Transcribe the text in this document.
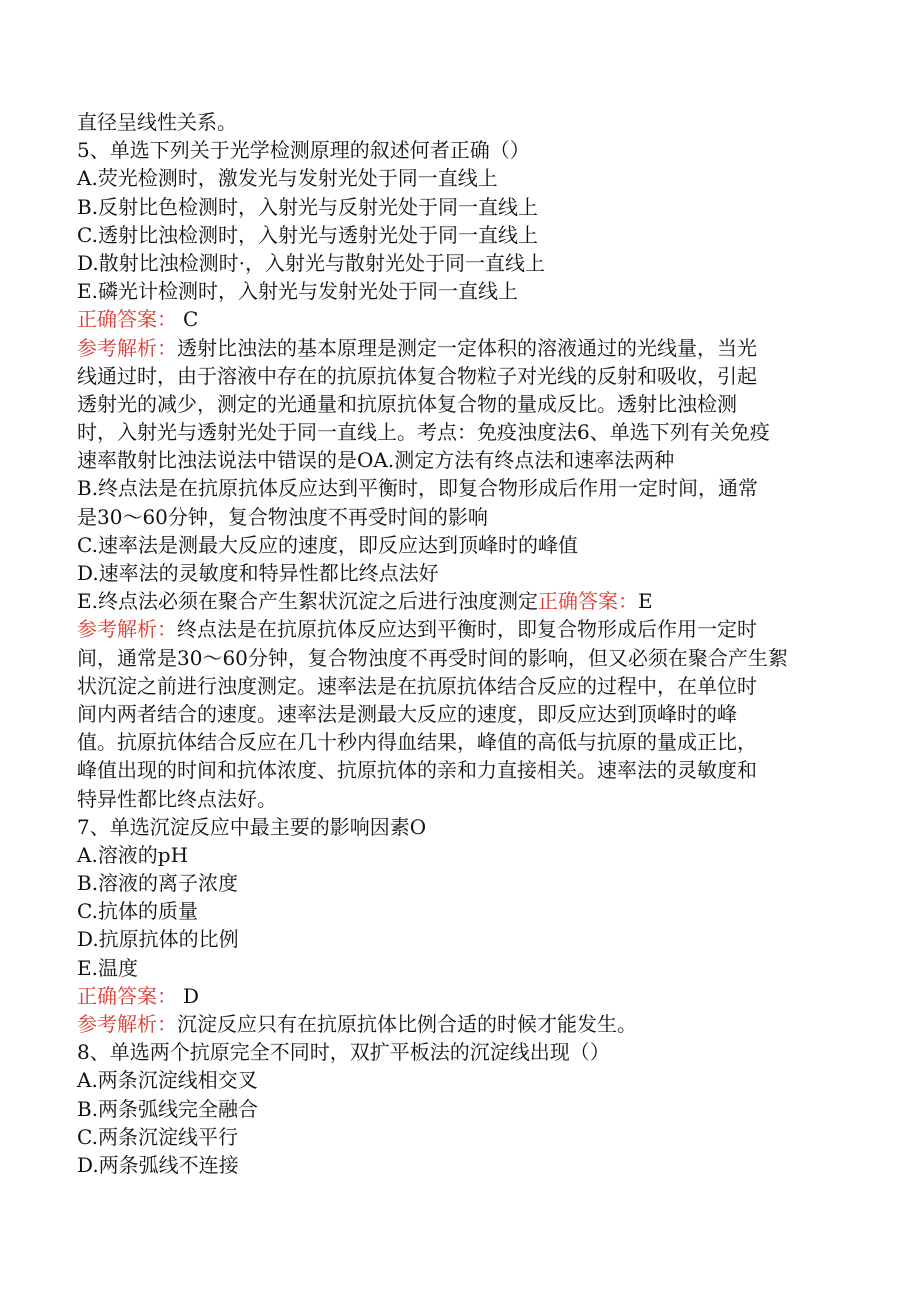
直径呈线性关系。
5、单选下列关于光学检测原理的叙述何者正确（）
A.荧光检测时，激发光与发射光处于同一直线上
B.反射比色检测时，入射光与反射光处于同一直线上
C.透射比浊检测时，入射光与透射光处于同一直线上
D.散射比浊检测时·，入射光与散射光处于同一直线上
E.磷光计检测时，入射光与发射光处于同一直线上
正确答案： C
参考解析：透射比浊法的基本原理是测定一定体积的溶液通过的光线量，当光
线通过时，由于溶液中存在的抗原抗体复合物粒子对光线的反射和吸收，引起
透射光的减少，测定的光通量和抗原抗体复合物的量成反比。透射比浊检测
时，入射光与透射光处于同一直线上。考点：免疫浊度法6、单选下列有关免疫
速率散射比浊法说法中错误的是OA.测定方法有终点法和速率法两种
B.终点法是在抗原抗体反应达到平衡时，即复合物形成后作用一定时间，通常
是30～60分钟，复合物浊度不再受时间的影响
C.速率法是测最大反应的速度，即反应达到顶峰时的峰值
D.速率法的灵敏度和特异性都比终点法好
E.终点法必须在聚合产生絮状沉淀之后进行浊度测定正确答案：E
参考解析：终点法是在抗原抗体反应达到平衡时，即复合物形成后作用一定时
间，通常是30～60分钟，复合物浊度不再受时间的影响，但又必须在聚合产生絮
状沉淀之前进行浊度测定。速率法是在抗原抗体结合反应的过程中，在单位时
间内两者结合的速度。速率法是测最大反应的速度，即反应达到顶峰时的峰
值。抗原抗体结合反应在几十秒内得血结果，峰值的高低与抗原的量成正比，
峰值出现的时间和抗体浓度、抗原抗体的亲和力直接相关。速率法的灵敏度和
特异性都比终点法好。
7、单选沉淀反应中最主要的影响因素O
A.溶液的pH
B.溶液的离子浓度
C.抗体的质量
D.抗原抗体的比例
E.温度
正确答案： D
参考解析：沉淀反应只有在抗原抗体比例合适的时候才能发生。
8、单选两个抗原完全不同时，双扩平板法的沉淀线出现（）
A.两条沉淀线相交叉
B.两条弧线完全融合
C.两条沉淀线平行
D.两条弧线不连接
